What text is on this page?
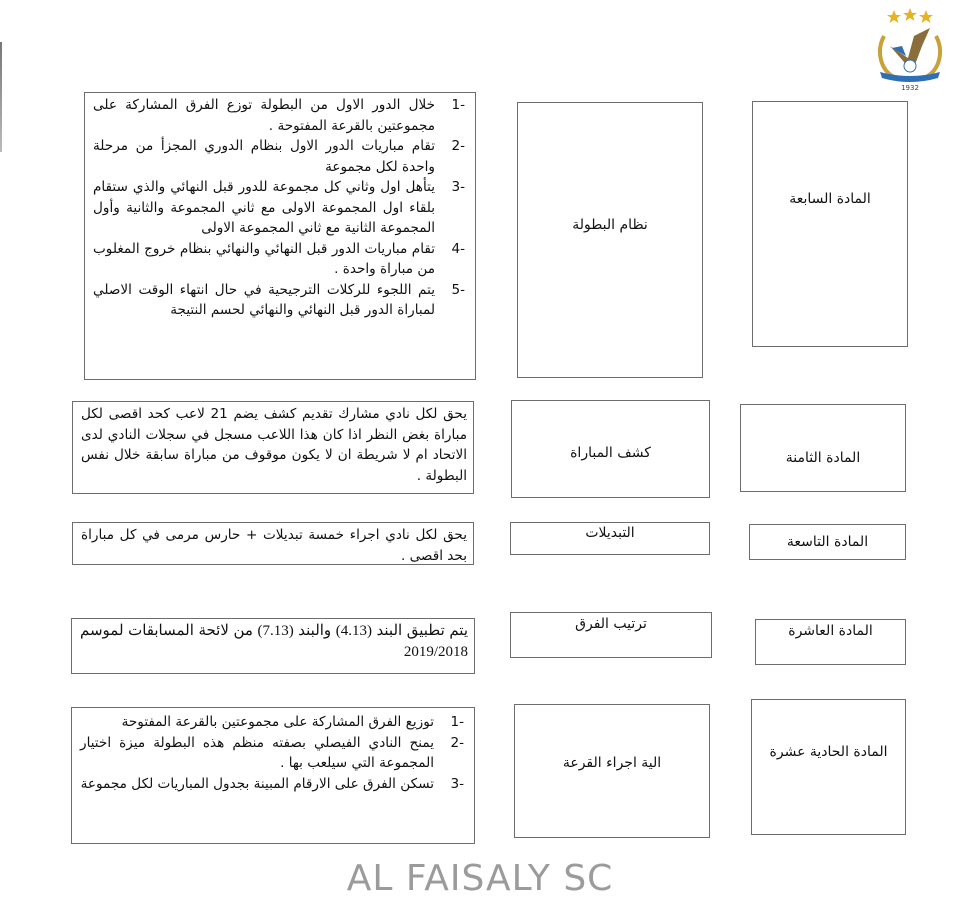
1932
المادة السابعة
نظام البطولة
1-
خلال الدور الاول من البطولة توزع الفرق المشاركة على مجموعتين بالقرعة المفتوحة .
2-
تقام مباريات الدور الاول بنظام الدوري المجزأ من مرحلة واحدة لكل مجموعة
3-
يتأهل اول وثاني كل مجموعة للدور قبل النهائي والذي ستقام بلقاء اول المجموعة الاولى مع ثاني المجموعة والثانية وأول المجموعة الثانية مع ثاني المجموعة الاولى
4-
تقام مباريات الدور قبل النهائي والنهائي بنظام خروج المغلوب من مباراة واحدة .
5-
يتم اللجوء للركلات الترجيحية في حال انتهاء الوقت الاصلي لمباراة الدور قبل النهائي والنهائي لحسم النتيجة
المادة الثامنة
كشف المباراة
يحق لكل نادي مشارك تقديم كشف يضم 21 لاعب كحد اقصى لكل مباراة بغض النظر اذا كان هذا اللاعب مسجل في سجلات النادي لدى الاتحاد ام لا شريطة ان لا يكون موقوف من مباراة سابقة خلال نفس البطولة .
المادة التاسعة
التبديلات
يحق لكل نادي اجراء خمسة تبديلات + حارس مرمى في كل مباراة بحد اقصى .
المادة العاشرة
ترتيب الفرق
يتم تطبيق البند (4.13) والبند (7.13) من لائحة المسابقات لموسم 2019/2018
المادة الحادية عشرة
الية اجراء القرعة
1-
توزيع الفرق المشاركة على مجموعتين بالقرعة المفتوحة
2-
يمنح النادي الفيصلي بصفته منظم هذه البطولة ميزة اختيار المجموعة التي سيلعب بها .
3-
تسكن الفرق على الارقام المبينة بجدول المباريات لكل مجموعة
AL FAISALY SC
